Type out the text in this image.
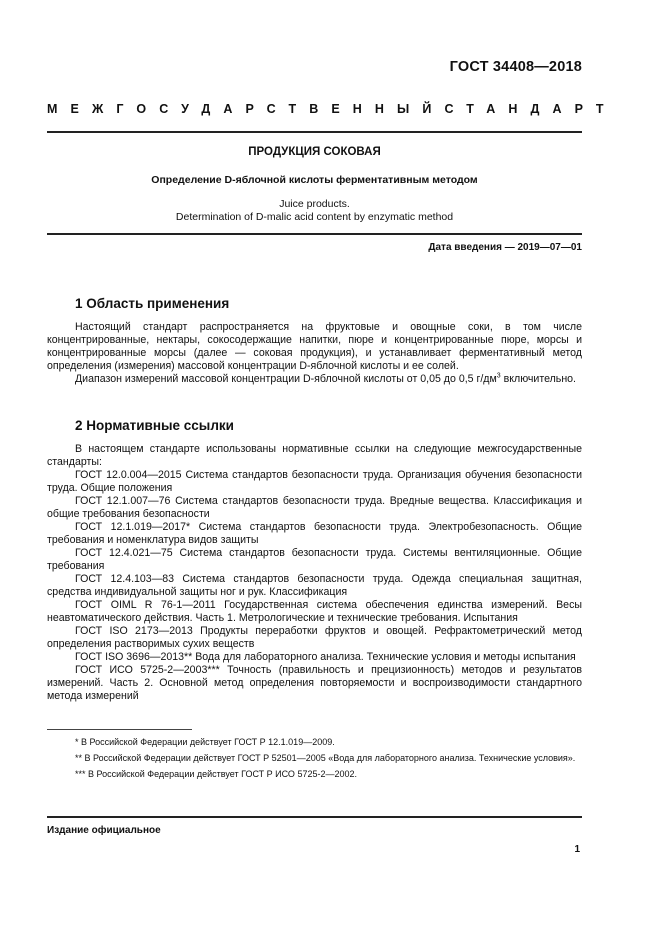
ГОСТ 34408—2018
МЕЖГОСУДАРСТВЕННЫЙ СТАНДАРТ
ПРОДУКЦИЯ СОКОВАЯ
Определение D-яблочной кислоты ферментативным методом
Juice products.
Determination of D-malic acid content by enzymatic method
Дата введения — 2019—07—01
1 Область применения

Настоящий стандарт распространяется на фруктовые и овощные соки, в том числе концентрированные, нектары, сокосодержащие напитки, пюре и концентрированные пюре, морсы и концентрированные морсы (далее — соковая продукция), и устанавливает ферментативный метод определения (измерения) массовой концентрации D-яблочной кислоты и ее солей.

Диапазон измерений массовой концентрации D-яблочной кислоты от 0,05 до 0,5 $г/дм^3$ включительно.

2 Нормативные ссылки

В настоящем стандарте использованы нормативные ссылки на следующие межгосударственные стандарты:

ГОСТ 12.0.004—2015 Система стандартов безопасности труда. Организация обучения безопасности труда. Общие положения

ГОСТ 12.1.007—76 Система стандартов безопасности труда. Вредные вещества. Классификация и общие требования безопасности

ГОСТ 12.1.019—2017* Система стандартов безопасности труда. Электробезопасность. Общие требования и номенклатура видов защиты

ГОСТ 12.4.021—75 Система стандартов безопасности труда. Системы вентиляционные. Общие требования

ГОСТ 12.4.103—83 Система стандартов безопасности труда. Одежда специальная защитная, средства индивидуальной защиты ног и рук. Классификация

ГОСТ OIML R 76-1—2011 Государственная система обеспечения единства измерений. Весы неавтоматического действия. Часть 1. Метрологические и технические требования. Испытания

ГОСТ ISO 2173—2013 Продукты переработки фруктов и овощей. Рефрактометрический метод определения растворимых сухих веществ

ГОСТ ISO 3696—2013** Вода для лабораторного анализа. Технические условия и методы испытания

ГОСТ ИСО 5725-2—2003*** Точность (правильность и прецизионность) методов и результатов измерений. Часть 2. Основной метод определения повторяемости и воспроизводимости стандартного метода измерений

* В Российской Федерации действует ГОСТ Р 12.1.019—2009.

** В Российской Федерации действует ГОСТ Р 52501—2005 «Вода для лабораторного анализа. Технические условия».

*** В Российской Федерации действует ГОСТ Р ИСО 5725-2—2002.

Издание официальное
1
